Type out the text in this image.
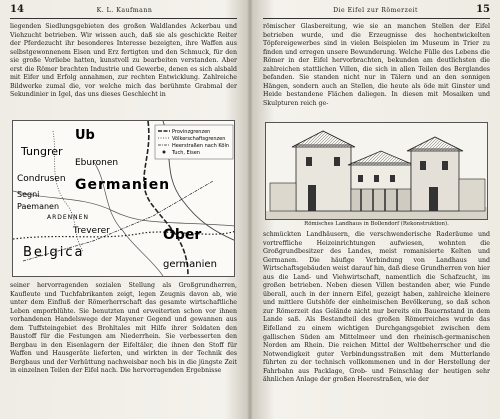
14	K. L. Kaufmann

liegenden Siedlungsgebieten des großen Waldlandes Ackerbau und Viehzucht betrieben. Wir wissen auch, daß sie als geschickte Reiter der Pferdezucht ihr besonderes Interesse bezeigten, ihre Waffen aus selbstgewonnenem Eisen und Erz fertigten und den Schmuck, für den sie große Vorliebe hatten, kunstvoll zu bearbeiten verstanden. Aber erst die Römer brachten Industrie und Gewerbe, denen es sich alsbald mit Eifer und Erfolg annahmen, zur rechten Entwicklung. Zahlreiche Bildwerke zumal die, vor welche mich das berühmte Grabmal der Sekundinier in Igel, das uns dieses Geschlecht in

Provinzgrenzen
Völkerschaftsgrenzen
Heerstraßen nach Köln
Tuch, Eisen
Ub
Tungrer
Eburonen
Condrusen Germanien
Segni
Paemanen
Belgica
Ober
Treverer
ARDENNEN
germanien

seiner hervorragenden sozialen Stellung als Großgrundherren, Kaufleute und Tuchfabrikanten zeigt, legen Zeugnis davon ab, wie unter dem Einfluß der Römerherrschaft das gesamte wirtschaftliche Leben emporblühte. Sie benutzten und erweiterten schon vor ihnen vorhandenen Handelswege der Mayener Gegend und gewannen aus dem Tuffsteingebiet des Brohltales mit Hilfe ihrer Soldaten den Baustoff für die Festungen am Niederrhein. Sie verbesserten den Bergbau in den Eisenlagern der Eifeltäler, die ihnen den Stoff für Waffen und Hausgeräte lieferten, und wirkten in der Technik des Bergbaus und der Verhüttung nachweisbar noch bis in die jüngste Zeit in einzelnen Teilen der Eifel nach. Die hervorragenden Ergebnisse

Die Eifel zur Römerzeit	15

römischer Glasbereitung, wie sie an manchen Stellen der Eifel betrieben wurde, und die Erzeugnisse des hochentwickelten Töpfereigewerbes sind in vielen Beispielen im Museum in Trier zu finden und erregen unsere Bewunderung. Welche Fülle des Lebens die Römer in der Eifel hervorbrachten, bekunden am deutlichsten die zahlreichen stattlichen Villen, die sich in allen Teilen des Berglandes befanden. Sie standen nicht nur in Tälern und an den sonnigen Hängen, sondern auch an Stellen, die heute als öde mit Ginster und Heide bestandene Flächen daliegen. In diesen mit Mosaiken und Skulpturen reich ge-

Römisches Landhaus in Bollendorf (Rekonstruktion).

schmückten Landhäusern, die verschwenderische Raderäume und vortreffliche Heizeinrichtungen aufwiesen, wohnten die Großgrundbesitzer des Landes, meist romanisierte Kelten und Germanen. Die häufige Verbindung von Landhaus und Wirtschaftsgebäuden weist darauf hin, daß diese Grundherren von hier aus die Land- und Viehwirtschaft, namentlich die Schafzucht, im großen betrieben. Neben diesen Villen bestanden aber, wie Funde überall, auch in der innern Eifel, gezeigt haben, zahlreiche kleinere und mittlere Gutshöfe der einheimischen Bevölkerung, so daß schon zur Römerzeit das Gelände nicht nur bereits ein Bauernstand in dem Lande saß. Als Bestandteil des großen Römerreiches wurde das Eifelland zu einem wichtigen Durchgangsgebiet zwischen dem gallischen Süden am Mittelmeer und den rheinisch-germanischen Norden am Rhein. Die reichen Mittel der Weltbeherrscher und die Notwendigkeit guter Verbindungsstraßen mit dem Mutterlande führten zu der technisch vollkommenen und in der Herstellung der Fahrbahn aus Packlage, Grob- und Feinschlag der heutigen sehr ähnlichen Anlage der großen Heerestraßen, wie der
